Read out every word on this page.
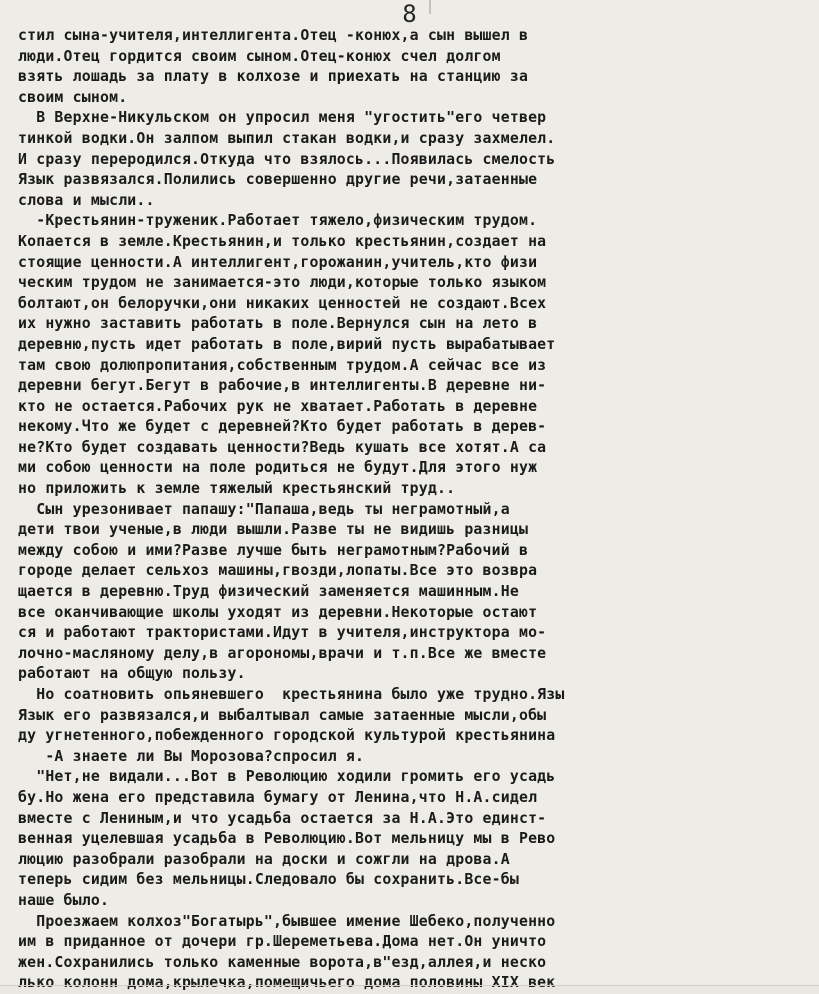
8
стил сына-учителя,интеллигента.Отец -конюх,а сын вышел в
люди.Отец гордится своим сыном.Отец-конюх счел долгом
взять лошадь за плату в колхозе и приехать на станцию за
своим сыном.
В Верхне-Никульском он упросил меня "угостить"его четвер
тинкой водки.Он залпом выпил стакан водки,и сразу захмелел.
И сразу переродился.Откуда что взялось...Появилась смелость
Язык развязался.Полились совершенно другие речи,затаенные
слова и мысли..
-Крестьянин-труженик.Работает тяжело,физическим трудом.
Копается в земле.Крестьянин,и только крестьянин,создает на
стоящие ценности.А интеллигент,горожанин,учитель,кто физи
ческим трудом не занимается-это люди,которые только языком
болтают,он белоручки,они никаких ценностей не создают.Всех
их нужно заставить работать в поле.Вернулся сын на лето в
деревню,пусть идет работать в поле,вирий пусть вырабатывает
там свою долюпропитания,собственным трудом.А сейчас все из
деревни бегут.Бегут в рабочие,в интеллигенты.В деревне ни-
кто не остается.Рабочих рук не хватает.Работать в деревне
некому.Что же будет с деревней?Кто будет работать в дерев-
не?Кто будет создавать ценности?Ведь кушать все хотят.А са
ми собою ценности на поле родиться не будут.Для этого нуж
но приложить к земле тяжелый крестьянский труд..
Сын урезонивает папашу:"Папаша,ведь ты неграмотный,а
дети твои ученые,в люди вышли.Разве ты не видишь разницы
между собою и ими?Разве лучше быть неграмотным?Рабочий в
городе делает сельхоз машины,гвозди,лопаты.Все это возвра
щается в деревню.Труд физический заменяется машинным.Не
все оканчивающие школы уходят из деревни.Некоторые остают
ся и работают трактористами.Идут в учителя,инструктора мо-
лочно-масляному делу,в агорономы,врачи и т.п.Все же вместе
работают на общую пользу.
Но соатновить опьяневшего  крестьянина было уже трудно.Язы
Язык его развязался,и выбалтывал самые затаенные мысли,обы
ду угнетенного,побежденного городской культурой крестьянина
-А знаете ли Вы Морозова?спросил я.
"Нет,не видали...Вот в Революцию ходили громить его усадь
бу.Но жена его представила бумагу от Ленина,что Н.А.сидел
вместе с Лениным,и что усадьба остается за Н.А.Это единст-
венная уцелевшая усадьба в Революцию.Вот мельницу мы в Рево
люцию разобрали разобрали на доски и сожгли на дрова.А
теперь сидим без мельницы.Следовало бы сохранить.Все-бы
наше было.
Проезжаем колхоз"Богатырь",бывшее имение Шебеко,полученно
им в приданное от дочери гр.Шереметьева.Дома нет.Он уничто
жен.Сохранились только каменные ворота,в"езд,аллея,и неско
лько колонн дома,крылечка,помещичьего дома половины XIX век
